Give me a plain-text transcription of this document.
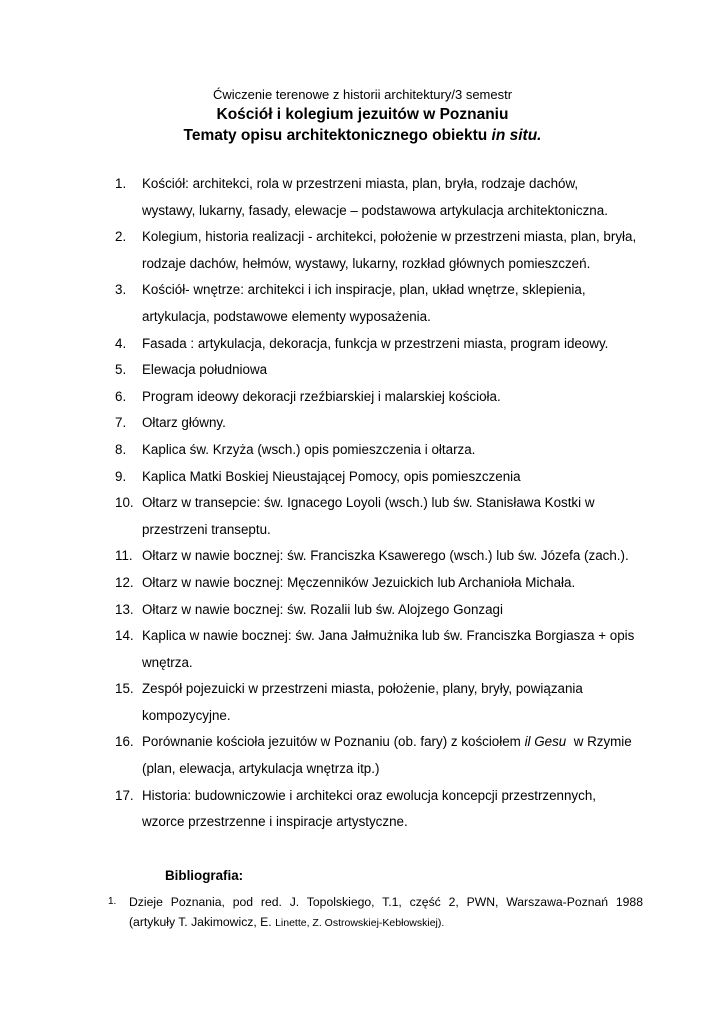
Ćwiczenie terenowe z historii architektury/3 semestr

Kościół i kolegium jezuitów w Poznaniu

Tematy opisu architektonicznego obiektu in situ.

1.	Kościół: architekci, rola w przestrzeni miasta, plan, bryła, rodzaje dachów,
wystawy, lukarny, fasady, elewacje – podstawowa artykulacja architektoniczna.
2.	Kolegium, historia realizacji - architekci, położenie w przestrzeni miasta, plan, bryła,
rodzaje dachów, hełmów, wystawy, lukarny, rozkład głównych pomieszczeń.
3.	Kościół- wnętrze: architekci i ich inspiracje, plan, układ wnętrze, sklepienia,
artykulacja, podstawowe elementy wyposażenia.
4.	Fasada : artykulacja, dekoracja, funkcja w przestrzeni miasta, program ideowy.
5.	Elewacja południowa
6.	Program ideowy dekoracji rzeźbiarskiej i malarskiej kościoła.
7.	Ołtarz główny.
8.	Kaplica św. Krzyża (wsch.) opis pomieszczenia i ołtarza.
9.	Kaplica Matki Boskiej Nieustającej Pomocy, opis pomieszczenia
10. Ołtarz w transepcie: św. Ignacego Loyoli (wsch.) lub św. Stanisława Kostki w
przestrzeni transeptu.
11. Ołtarz w nawie bocznej: św. Franciszka Ksawerego (wsch.) lub św. Józefa (zach.).
12. Ołtarz w nawie bocznej: Męczenników Jezuickich lub Archanioła Michała.
13. Ołtarz w nawie bocznej: św. Rozalii lub św. Alojzego Gonzagi
14. Kaplica w nawie bocznej: św. Jana Jałmużnika lub św. Franciszka Borgiasza + opis
wnętrza.
15. Zespół pojezuicki w przestrzeni miasta, położenie, plany, bryły, powiązania
kompozycyjne.
16. Porównanie kościoła jezuitów w Poznaniu (ob. fary) z kościołem il Gesu  w Rzymie
(plan, elewacja, artykulacja wnętrza itp.)
17. Historia: budowniczowie i architekci oraz ewolucja koncepcji przestrzennych,
wzorce przestrzenne i inspiracje artystyczne.

Bibliografia:

1. Dzieje Poznania, pod red. J. Topolskiego, T.1, część 2, PWN, Warszawa-Poznań 1988
(artykuły T. Jakimowicz, E. Linette, Z. Ostrowskiej-Kebłowskiej).
